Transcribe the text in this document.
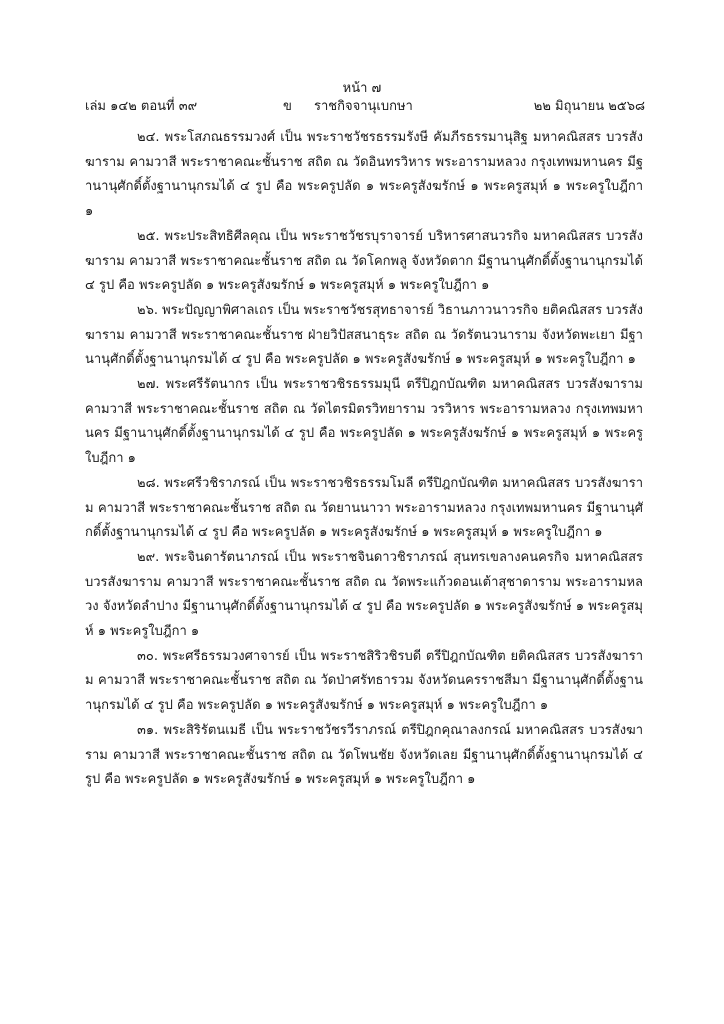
หน้า ๗
เล่ม ๑๔๒ ตอนที่ ๓๙	ข ราชกิจจานุเบกษา	๒๒ มิถุนายน ๒๕๖๘

๒๔. พระโสภณธรรมวงศ์ เป็น พระราชวัชรธรรมรังษี คัมภีรธรรมานุสิฐ มหาคณิสสร บวรสังฆาราม คามวาสี พระราชาคณะชั้นราช สถิต ณ วัดอินทรวิหาร พระอารามหลวง กรุงเทพมหานคร มีฐานานุศักดิ์ตั้งฐานานุกรมได้ ๔ รูป คือ พระครูปลัด ๑ พระครูสังฆรักษ์ ๑ พระครูสมุห์ ๑ พระครูใบฎีกา ๑

๒๕. พระประสิทธิศีลคุณ เป็น พระราชวัชรบุราจารย์ บริหารศาสนวรกิจ มหาคณิสสร บวรสังฆาราม คามวาสี พระราชาคณะชั้นราช สถิต ณ วัดโคกพลู จังหวัดตาก มีฐานานุศักดิ์ตั้งฐานานุกรมได้ ๔ รูป คือ พระครูปลัด ๑ พระครูสังฆรักษ์ ๑ พระครูสมุห์ ๑ พระครูใบฎีกา ๑

๒๖. พระปัญญาพิศาลเถร เป็น พระราชวัชรสุทธาจารย์ วิธานภาวนาวรกิจ ยติคณิสสร บวรสังฆาราม คามวาสี พระราชาคณะชั้นราช ฝ่ายวิปัสสนาธุระ สถิต ณ วัดรัตนวนาราม จังหวัดพะเยา มีฐานานุศักดิ์ตั้งฐานานุกรมได้ ๔ รูป คือ พระครูปลัด ๑ พระครูสังฆรักษ์ ๑ พระครูสมุห์ ๑ พระครูใบฎีกา ๑

๒๗. พระศรีรัตนากร เป็น พระราชวชิรธรรมมุนี ตรีปิฎกบัณฑิต มหาคณิสสร บวรสังฆาราม คามวาสี พระราชาคณะชั้นราช สถิต ณ วัดไตรมิตรวิทยาราม วรวิหาร พระอารามหลวง กรุงเทพมหานคร มีฐานานุศักดิ์ตั้งฐานานุกรมได้ ๔ รูป คือ พระครูปลัด ๑ พระครูสังฆรักษ์ ๑ พระครูสมุห์ ๑ พระครูใบฎีกา ๑

๒๘. พระศรีวชิราภรณ์ เป็น พระราชวชิรธรรมโมลี ตรีปิฎกบัณฑิต มหาคณิสสร บวรสังฆาราม คามวาสี พระราชาคณะชั้นราช สถิต ณ วัดยานนาวา พระอารามหลวง กรุงเทพมหานคร มีฐานานุศักดิ์ตั้งฐานานุกรมได้ ๔ รูป คือ พระครูปลัด ๑ พระครูสังฆรักษ์ ๑ พระครูสมุห์ ๑ พระครูใบฎีกา ๑

๒๙. พระจินดารัตนาภรณ์ เป็น พระราชจินดาวชิราภรณ์ สุนทรเขลางคนครกิจ มหาคณิสสร บวรสังฆาราม คามวาสี พระราชาคณะชั้นราช สถิต ณ วัดพระแก้วดอนเต้าสุชาดาราม พระอารามหลวง จังหวัดลำปาง มีฐานานุศักดิ์ตั้งฐานานุกรมได้ ๔ รูป คือ พระครูปลัด ๑ พระครูสังฆรักษ์ ๑ พระครูสมุห์ ๑ พระครูใบฎีกา ๑

๓๐. พระศรีธรรมวงศาจารย์ เป็น พระราชสิริวชิรบดี ตรีปิฎกบัณฑิต ยติคณิสสร บวรสังฆาราม คามวาสี พระราชาคณะชั้นราช สถิต ณ วัดป่าศรัทธารวม จังหวัดนครราชสีมา มีฐานานุศักดิ์ตั้งฐานานุกรมได้ ๔ รูป คือ พระครูปลัด ๑ พระครูสังฆรักษ์ ๑ พระครูสมุห์ ๑ พระครูใบฎีกา ๑

๓๑. พระสิริรัตนเมธี เป็น พระราชวัชรวีราภรณ์ ตรีปิฎกคุณาลงกรณ์ มหาคณิสสร บวรสังฆาราม คามวาสี พระราชาคณะชั้นราช สถิต ณ วัดโพนชัย จังหวัดเลย มีฐานานุศักดิ์ตั้งฐานานุกรมได้ ๔ รูป คือ พระครูปลัด ๑ พระครูสังฆรักษ์ ๑ พระครูสมุห์ ๑ พระครูใบฎีกา ๑
